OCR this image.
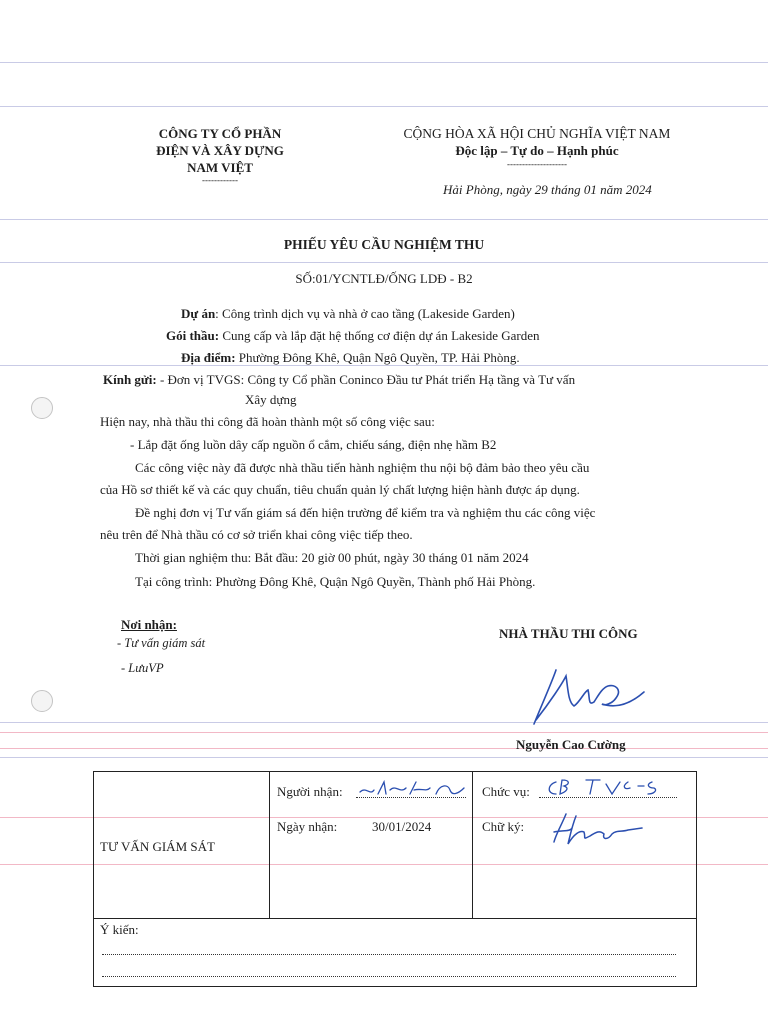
CÔNG TY CỔ PHẦN
ĐIỆN VÀ XÂY DỰNG
NAM VIỆT
------------
CỘNG HÒA XÃ HỘI CHỦ NGHĨA VIỆT NAM
Độc lập – Tự do – Hạnh phúc
--------------------
Hải Phòng, ngày 29 tháng 01 năm 2024
PHIẾU YÊU CẦU NGHIỆM THU
SỐ:01/YCNTLĐ/ỐNG LDĐ - B2
Dự án: Công trình dịch vụ và nhà ở cao tầng (Lakeside Garden)
Gói thầu: Cung cấp và lắp đặt hệ thống cơ điện dự án Lakeside Garden
Địa điểm: Phường Đông Khê, Quận Ngô Quyền, TP. Hải Phòng.
Kính gửi: - Đơn vị TVGS: Công ty Cổ phần Coninco Đầu tư Phát triển Hạ tầng và Tư vấn
Xây dựng
Hiện nay, nhà thầu thi công đã hoàn thành một số công việc sau:
- Lắp đặt ống luồn dây cấp nguồn ổ cắm, chiếu sáng, điện nhẹ hầm B2
Các công việc này đã được nhà thầu tiến hành nghiệm thu nội bộ đảm bảo theo yêu cầu
của Hồ sơ thiết kế và các quy chuẩn, tiêu chuẩn quản lý chất lượng hiện hành được áp dụng.
Đề nghị đơn vị Tư vấn giám sá đến hiện trường để kiểm tra và nghiệm thu các công việc
nêu trên để Nhà thầu có cơ sở triển khai công việc tiếp theo.
Thời gian nghiệm thu: Bắt đầu: 20 giờ 00 phút, ngày 30 tháng 01 năm 2024
Tại công trình: Phường Đông Khê, Quận Ngô Quyền, Thành phố Hải Phòng.
Nơi nhận:
- Tư vấn giám sát
- LưuVP
NHÀ THẦU THI CÔNG
Nguyễn Cao Cường
TƯ VẤN GIÁM SÁT
Người nhận:
Ngày nhận:	30/01/2024
Chức vụ:
Chữ ký:
Ý kiến:
